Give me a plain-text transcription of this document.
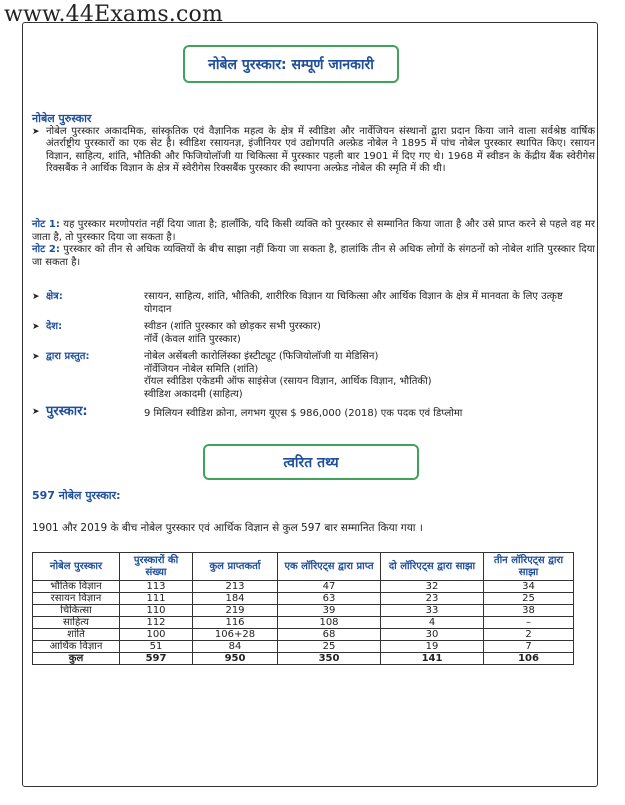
www.44Exams.com
नोबेल पुरस्कार: सम्पूर्ण जानकारी
नोबेल पुरुस्कार
➤ नोबेल पुरस्कार अकादमिक, सांस्कृतिक एवं वैज्ञानिक महत्व के क्षेत्र में स्वीडिश और नार्वेजियन संस्थानों द्वारा प्रदान किया जाने वाला सर्वश्रेष्ठ वार्षिक अंतर्राष्ट्रीय पुरस्कारों का एक सेट है। स्वीडिश रसायनज्ञ, इंजीनियर एवं उद्योगपति अल्फ्रेड नोबेल ने 1895 में पांच नोबेल पुरस्कार स्थापित किए। रसायन विज्ञान, साहित्य, शांति, भौतिकी और फिजियोलॉजी या चिकित्सा में पुरस्कार पहली बार 1901 में दिए गए थे। 1968 में स्वीडन के केंद्रीय बैंक स्वेरीगेस रिक्सबैंक ने आर्थिक विज्ञान के क्षेत्र में स्वेरीगेस रिक्सबैंक पुरस्कार की स्थापना अल्फ्रेड नोबेल की स्मृति में की थी।
नोट 1: यह पुरस्कार मरणोपरांत नहीं दिया जाता है; हालाँकि, यदि किसी व्यक्ति को पुरस्कार से सम्मानित किया जाता है और उसे प्राप्त करने से पहले वह मर जाता है, तो पुरस्कार दिया जा सकता है।
नोट 2: पुरस्कार को तीन से अधिक व्यक्तियों के बीच साझा नहीं किया जा सकता है, हालांकि तीन से अधिक लोगों के संगठनों को नोबेल शांति पुरस्कार दिया जा सकता है।
➤ क्षेत्र:	रसायन, साहित्य, शांति, भौतिकी, शारीरिक विज्ञान या चिकित्सा और आर्थिक विज्ञान के क्षेत्र में मानवता के लिए उत्कृष्ट योगदान
➤ देश:	स्वीडन (शांति पुरस्कार को छोड़कर सभी पुरस्कार)
नॉर्वे (केवल शांति पुरस्कार)
➤ द्वारा प्रस्तुत:	नोबेल असेंबली कारोलिंस्का इंस्टीट्यूट (फिजियोलॉजी या मेडिसिन)
नॉर्वेजियन नोबेल समिति (शांति)
रॉयल स्वीडिश एकेडमी ऑफ साइंसेज (रसायन विज्ञान, आर्थिक विज्ञान, भौतिकी)
स्वीडिश अकादमी (साहित्य)
➤ पुरस्कार:	9 मिलियन स्वीडिश क्रोना, लगभग यूएस $ 986,000 (2018) एक पदक एवं डिप्लोमा
त्वरित तथ्य
597 नोबेल पुरस्कार:
1901 और 2019 के बीच नोबेल पुरस्कार एवं आर्थिक विज्ञान से कुल 597 बार सम्मानित किया गया ।
नोबेल पुरस्कार	पुरस्कारों की संख्या	कुल प्राप्तकर्ता	एक लॉरिएट्स द्वारा प्राप्त	दो लॉरिएट्स द्वारा साझा	तीन लॉरिएट्स द्वारा साझा
भौतिक विज्ञान	113	213	47	32	34
रसायन विज्ञान	111	184	63	23	25
चिकित्सा	110	219	39	33	38
साहित्य	112	116	108	4	–
शांति	100	106+28	68	30	2
आर्थिक विज्ञान	51	84	25	19	7
कुल	597	950	350	141	106
